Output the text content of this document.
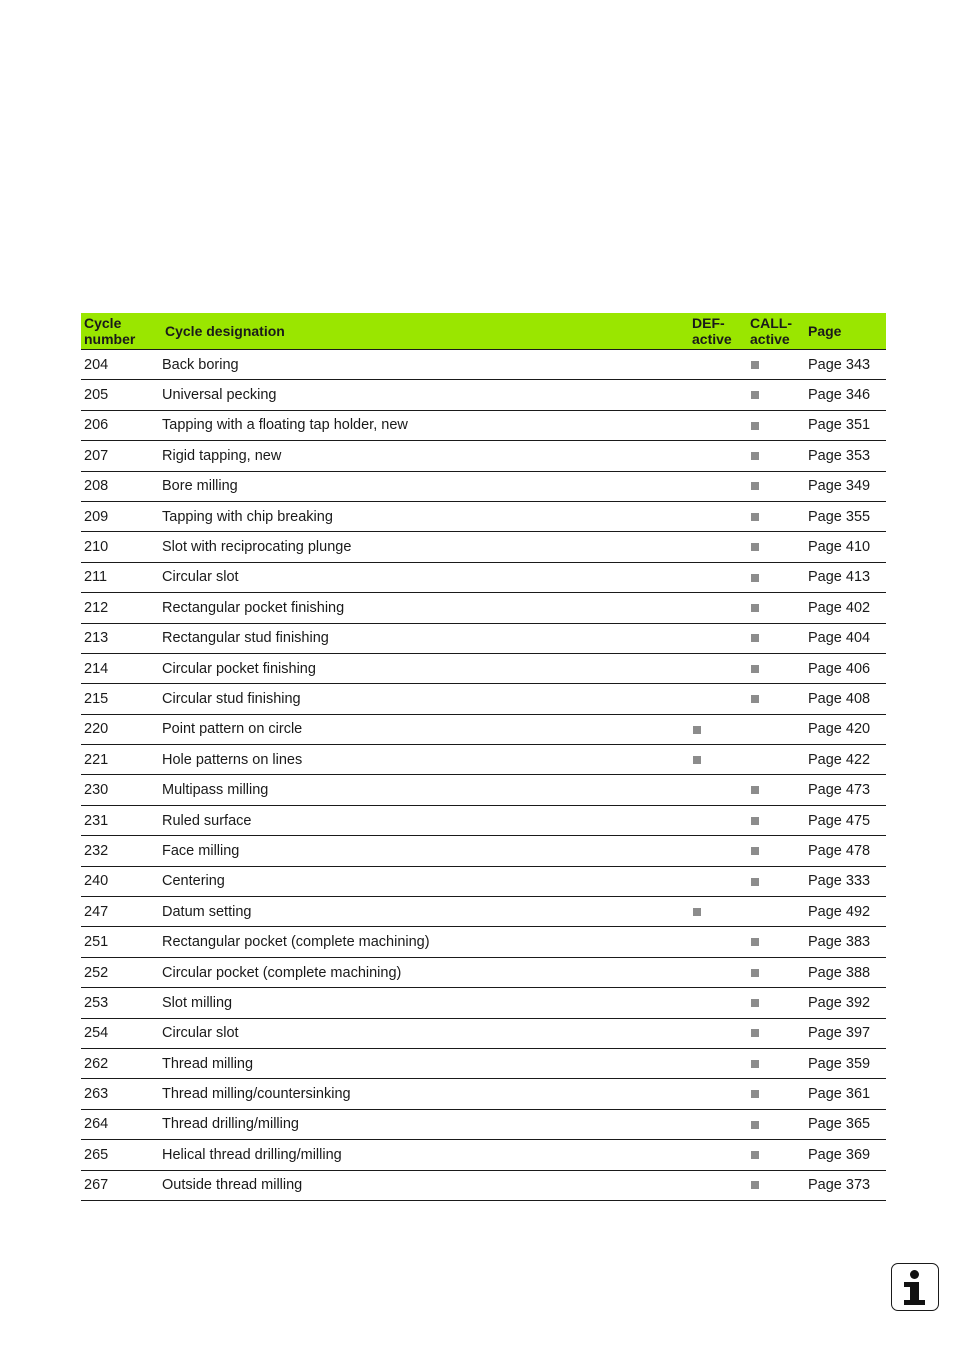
Cycle
number	Cycle designation	DEF-
active	CALL-
active	Page
204	Back boring			Page 343
205	Universal pecking			Page 346
206	Tapping with a floating tap holder, new			Page 351
207	Rigid tapping, new			Page 353
208	Bore milling			Page 349
209	Tapping with chip breaking			Page 355
210	Slot with reciprocating plunge			Page 410
211	Circular slot			Page 413
212	Rectangular pocket finishing			Page 402
213	Rectangular stud finishing			Page 404
214	Circular pocket finishing			Page 406
215	Circular stud finishing			Page 408
220	Point pattern on circle			Page 420
221	Hole patterns on lines			Page 422
230	Multipass milling			Page 473
231	Ruled surface			Page 475
232	Face milling			Page 478
240	Centering			Page 333
247	Datum setting			Page 492
251	Rectangular pocket (complete machining)			Page 383
252	Circular pocket (complete machining)			Page 388
253	Slot milling			Page 392
254	Circular slot			Page 397
262	Thread milling			Page 359
263	Thread milling/countersinking			Page 361
264	Thread drilling/milling			Page 365
265	Helical thread drilling/milling			Page 369
267	Outside thread milling			Page 373
